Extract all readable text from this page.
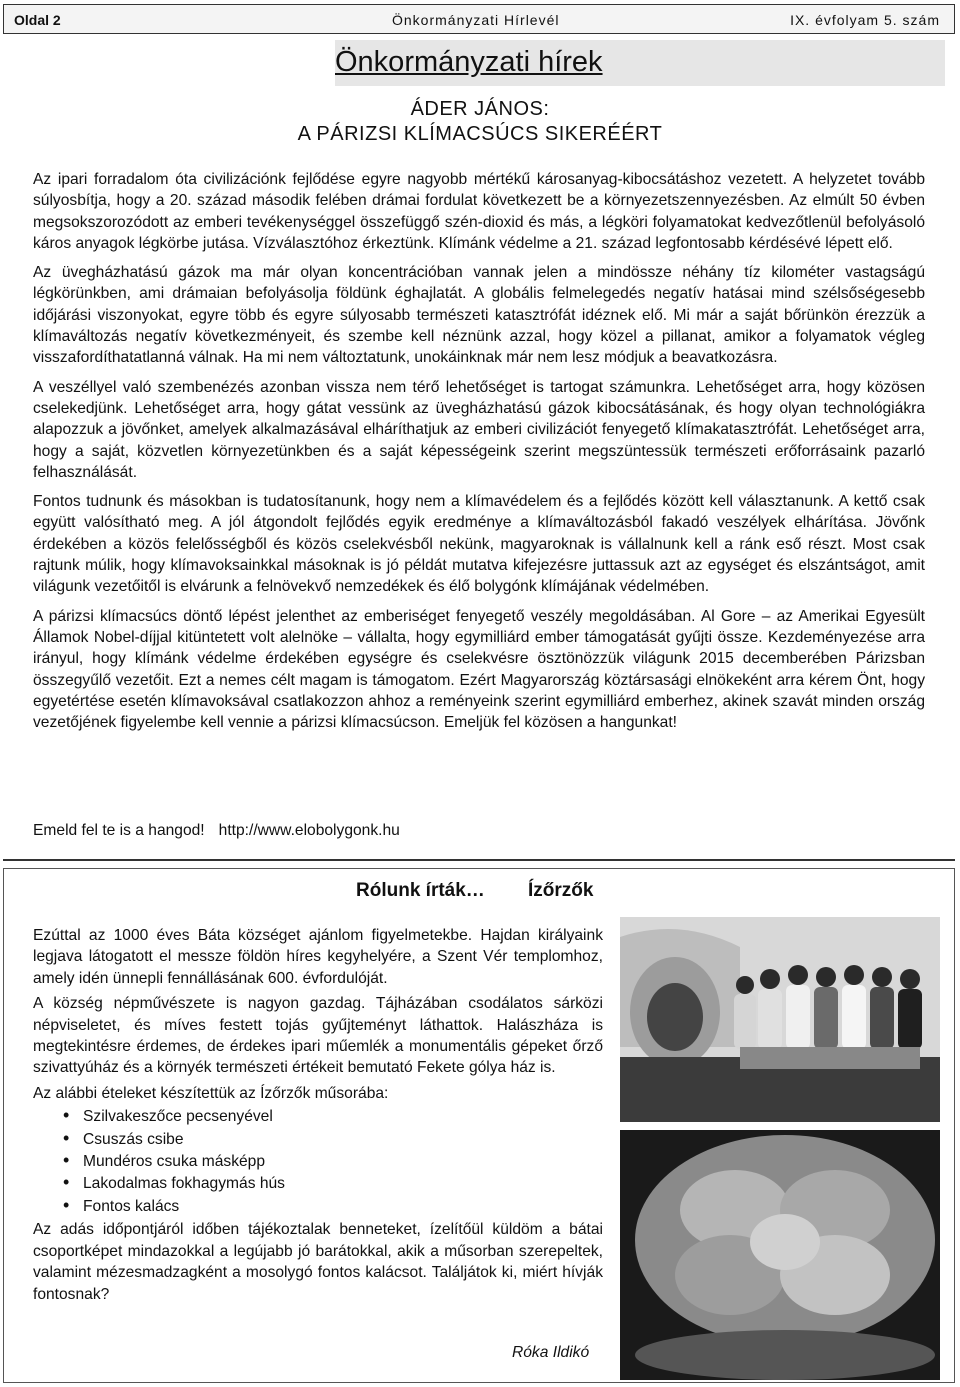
Oldal 2	Önkormányzati Hírlevél	IX. évfolyam 5. szám
Önkormányzati hírek
ÁDER JÁNOS:
A PÁRIZSI KLÍMACSÚCS SIKERÉÉRT

Az ipari forradalom óta civilizációnk fejlődése egyre nagyobb mértékű károsanyag-kibocsátáshoz vezetett. A helyzetet tovább súlyosbítja, hogy a 20. század második felében drámai fordulat következett be a környezetszennyezésben. Az elmúlt 50 évben megsokszorozódott az emberi tevékenységgel összefüggő szén-dioxid és más, a légköri folyamatokat kedvezőtlenül befolyásoló káros anyagok légkörbe jutása. Vízválasztóhoz érkeztünk. Klímánk védelme a 21. század legfontosabb kérdésévé lépett elő.

Az üvegházhatású gázok ma már olyan koncentrációban vannak jelen a mindössze néhány tíz kilométer vastagságú légkörünkben, ami drámaian befolyásolja földünk éghajlatát. A globális felmelegedés negatív hatásai mind szélsőségesebb időjárási viszonyokat, egyre több és egyre súlyosabb természeti katasztrófát idéznek elő. Mi már a saját bőrünkön érezzük a klímaváltozás negatív következményeit, és szembe kell néznünk azzal, hogy közel a pillanat, amikor a folyamatok végleg visszafordíthatatlanná válnak. Ha mi nem változtatunk, unokáinknak már nem lesz módjuk a beavatkozásra.

A veszéllyel való szembenézés azonban vissza nem térő lehetőséget is tartogat számunkra. Lehetőséget arra, hogy közösen cselekedjünk. Lehetőséget arra, hogy gátat vessünk az üvegházhatású gázok kibocsátásának, és hogy olyan technológiákra alapozzuk a jövőnket, amelyek alkalmazásával elháríthatjuk az emberi civilizációt fenyegető klímakatasztrófát. Lehetőséget arra, hogy a saját, közvetlen környezetünkben és a saját képességeink szerint megszüntessük természeti erőforrásaink pazarló felhasználását.

Fontos tudnunk és másokban is tudatosítanunk, hogy nem a klímavédelem és a fejlődés között kell választanunk. A kettő csak együtt valósítható meg. A jól átgondolt fejlődés egyik eredménye a klímaváltozásból fakadó veszélyek elhárítása. Jövőnk érdekében a közös felelősségből és közös cselekvésből nekünk, magyaroknak is vállalnunk kell a ránk eső részt. Most csak rajtunk múlik, hogy klímavoksainkkal másoknak is jó példát mutatva kifejezésre juttassuk azt az egységet és elszántságot, amit világunk vezetőitől is elvárunk a felnövekvő nemzedékek és élő bolygónk klímájának védelmében.

A párizsi klímacsúcs döntő lépést jelenthet az emberiséget fenyegető veszély megoldásában. Al Gore – az Amerikai Egyesült Államok Nobel-díjjal kitüntetett volt alelnöke – vállalta, hogy egymilliárd ember támogatását gyűjti össze. Kezdeményezése arra irányul, hogy klímánk védelme érdekében egységre és cselekvésre ösztönözzük világunk 2015 decemberében Párizsban összegyűlő vezetőit. Ezt a nemes célt magam is támogatom. Ezért Magyarország köztársasági elnökeként arra kérem Önt, hogy egyetértése esetén klímavoksával csatlakozzon ahhoz a reményeink szerint egymilliárd emberhez, akinek szavát minden ország vezetőjének figyelembe kell vennie a párizsi klímacsúcson. Emeljük fel közösen a hangunkat!

Emeld fel te is a hangod! http://www.elobolygonk.hu
Rólunk írták… Ízőrzők

Ezúttal az 1000 éves Báta községet ajánlom figyelmetekbe. Hajdan királyaink legjava látogatott el messze földön híres kegyhelyére, a Szent Vér templomhoz, amely idén ünnepli fennállásának 600. évfordulóját.

A község népművészete is nagyon gazdag. Tájházában csodálatos sárközi népviseletet, és míves festett tojás gyűjteményt láthattok. Halászháza is megtekintésre érdemes, de érdekes ipari műemlék a monumentális gépeket őrző szivattyúház és a környék természeti értékeit bemutató Fekete gólya ház is.

Az alábbi ételeket készítettük az Ízőrzők műsorába:

• Szilvakeszőce pecsenyével
• Csuszás csibe
• Mundéros csuka másképp
• Lakodalmas fokhagymás hús
• Fontos kalács

Az adás időpontjáról időben tájékoztalak benneteket, ízelítőül küldöm a bátai csoportképet mindazokkal a legújabb jó barátokkal, akik a műsorban szerepeltek, valamint mézesmadzagként a mosolygó fontos kalácsot. Találjátok ki, miért hívják fontosnak?

Róka Ildikó
